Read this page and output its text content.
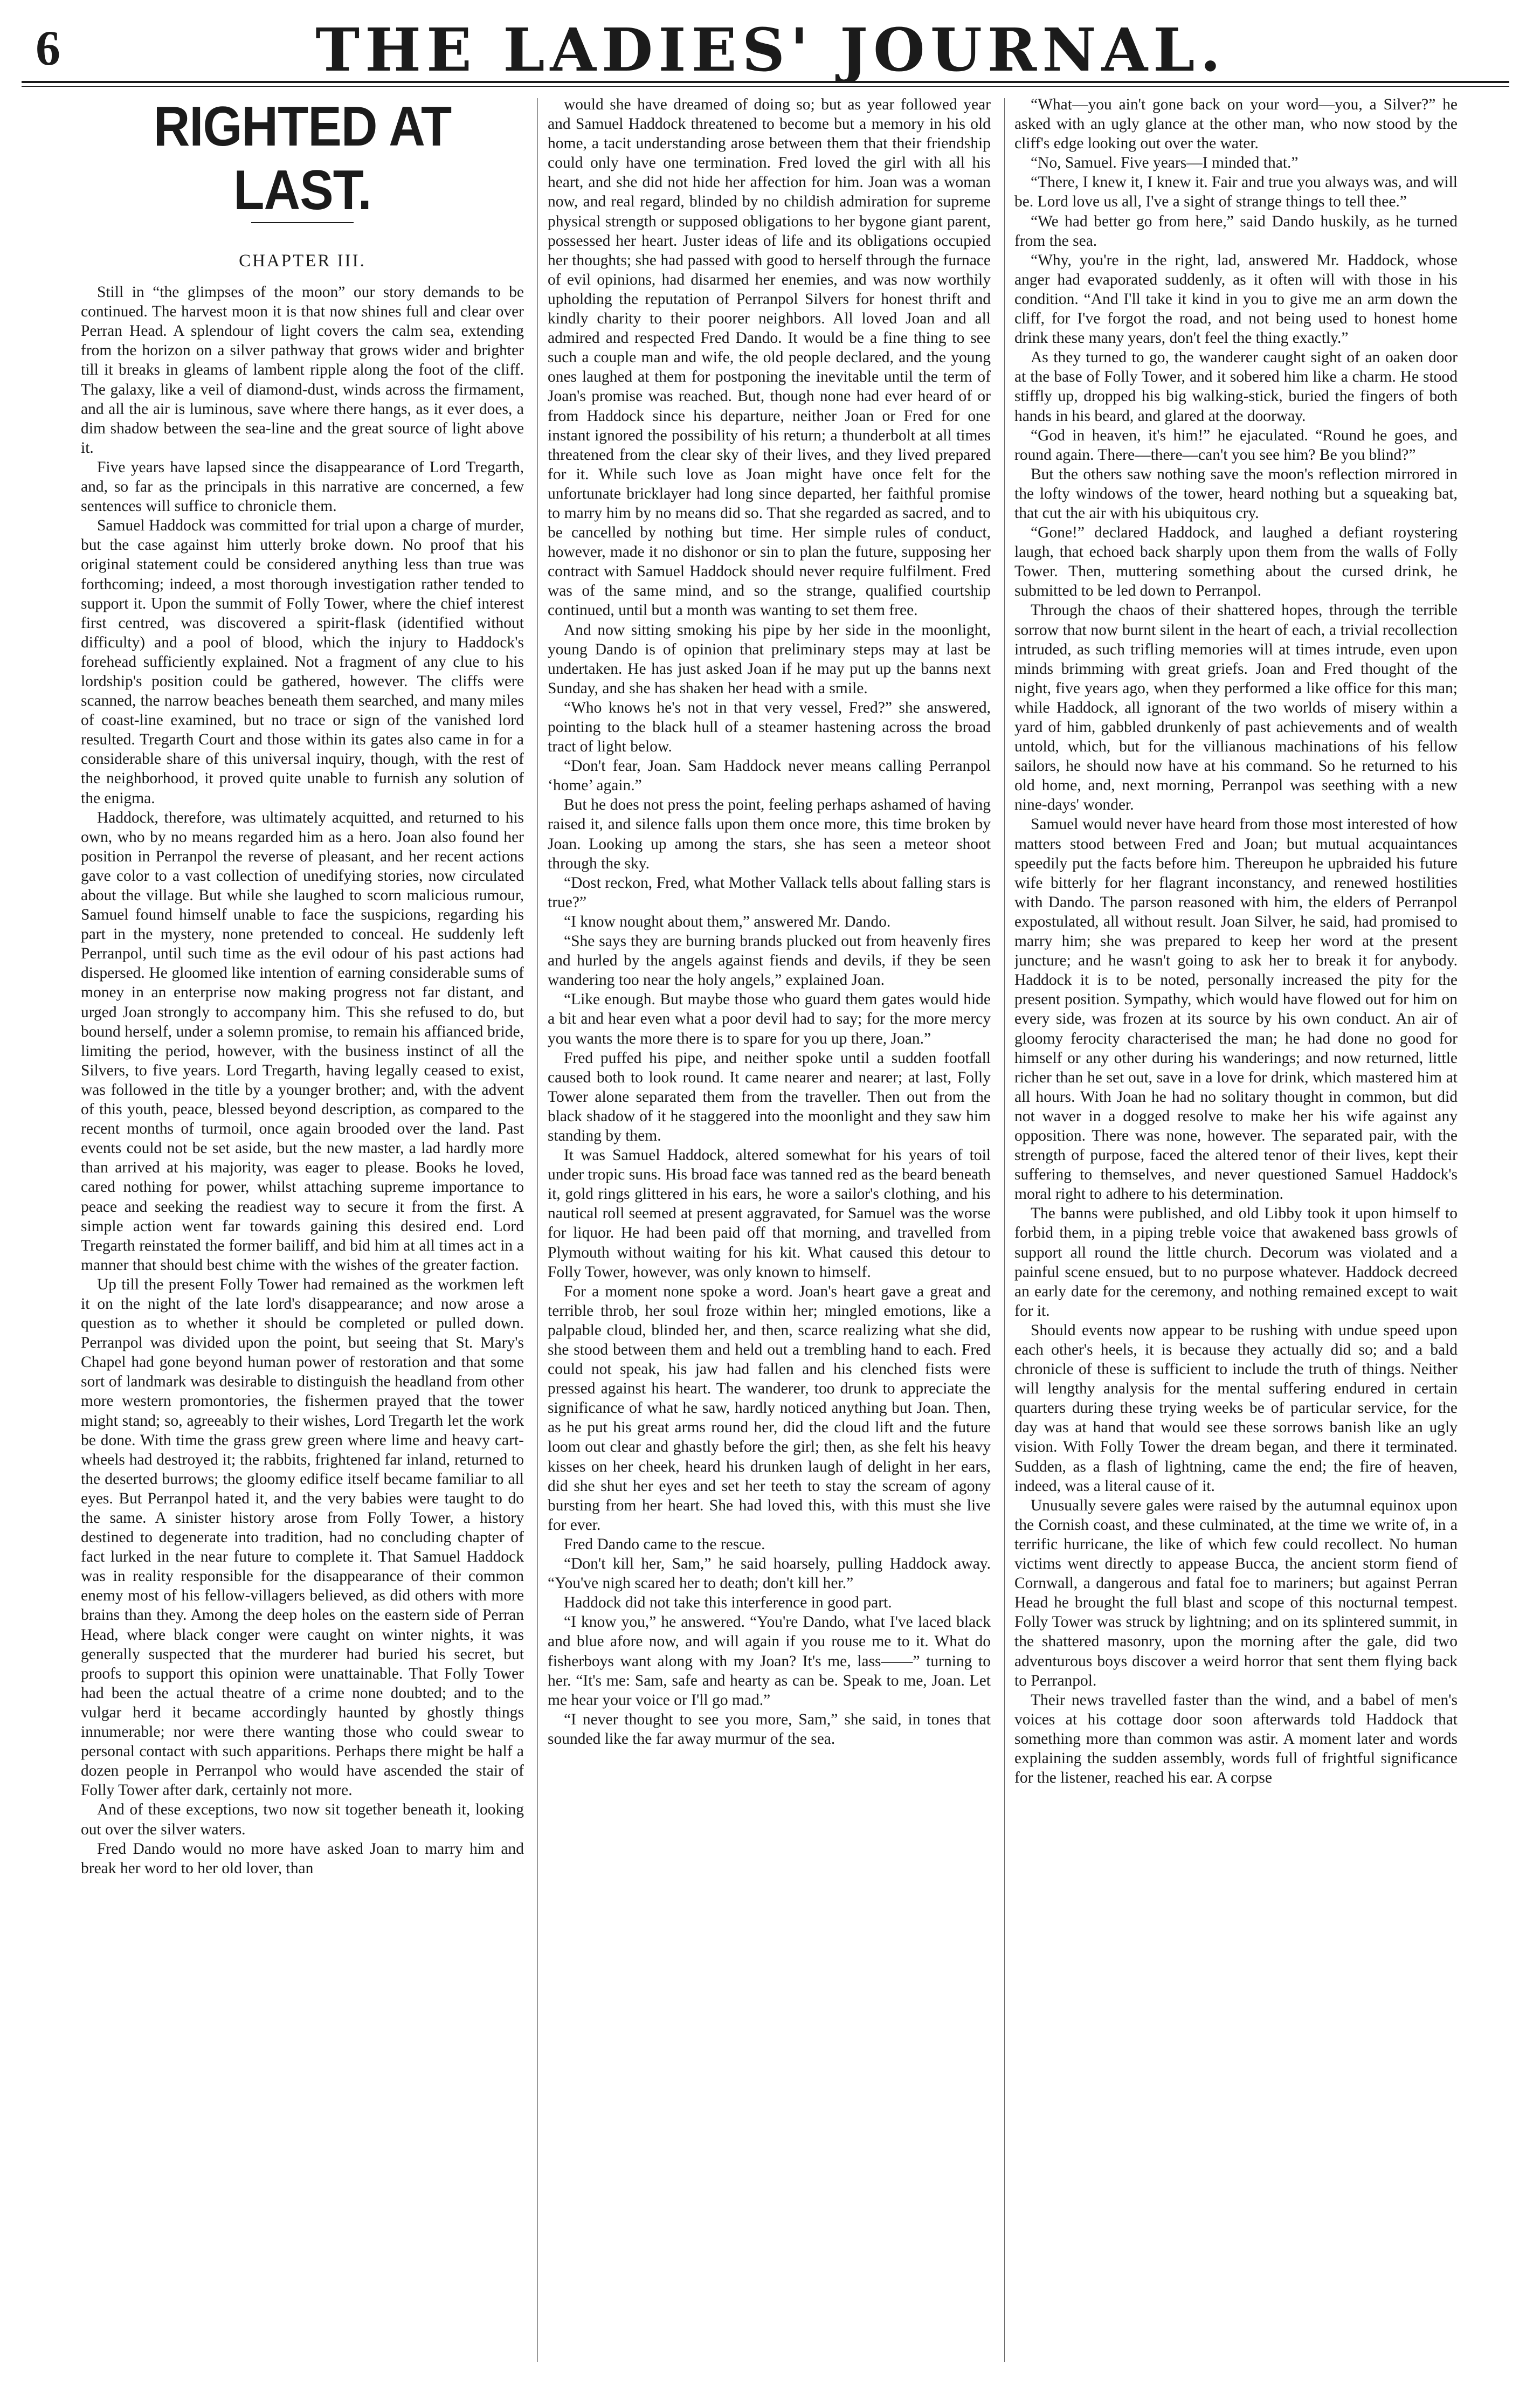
6	THE LADIES' JOURNAL.
RIGHTED AT LAST.
CHAPTER III.

Still in “the glimpses of the moon” our story demands to be continued. The harvest moon it is that now shines full and clear over Perran Head. A splendour of light covers the calm sea, extending from the horizon on a silver pathway that grows wider and brighter till it breaks in gleams of lambent ripple along the foot of the cliff. The galaxy, like a veil of diamond-dust, winds across the firmament, and all the air is luminous, save where there hangs, as it ever does, a dim shadow between the sea-line and the great source of light above it.

Five years have lapsed since the disappearance of Lord Tregarth, and, so far as the principals in this narrative are concerned, a few sentences will suffice to chronicle them.

Samuel Haddock was committed for trial upon a charge of murder, but the case against him utterly broke down. No proof that his original statement could be considered anything less than true was forthcoming; indeed, a most thorough investigation rather tended to support it. Upon the summit of Folly Tower, where the chief interest first centred, was discovered a spirit-flask (identified without difficulty) and a pool of blood, which the injury to Haddock's forehead sufficiently explained. Not a fragment of any clue to his lordship's position could be gathered, however. The cliffs were scanned, the narrow beaches beneath them searched, and many miles of coast-line examined, but no trace or sign of the vanished lord resulted. Tregarth Court and those within its gates also came in for a considerable share of this universal inquiry, though, with the rest of the neighborhood, it proved quite unable to furnish any solution of the enigma.

Haddock, therefore, was ultimately acquitted, and returned to his own, who by no means regarded him as a hero. Joan also found her position in Perranpol the reverse of pleasant, and her recent actions gave color to a vast collection of unedifying stories, now circulated about the village. But while she laughed to scorn malicious rumour, Samuel found himself unable to face the suspicions, regarding his part in the mystery, none pretended to conceal. He suddenly left Perranpol, until such time as the evil odour of his past actions had dispersed. He gloomed like intention of earning considerable sums of money in an enterprise now making progress not far distant, and urged Joan strongly to accompany him. This she refused to do, but bound herself, under a solemn promise, to remain his affianced bride, limiting the period, however, with the business instinct of all the Silvers, to five years. Lord Tregarth, having legally ceased to exist, was followed in the title by a younger brother; and, with the advent of this youth, peace, blessed beyond description, as compared to the recent months of turmoil, once again brooded over the land. Past events could not be set aside, but the new master, a lad hardly more than arrived at his majority, was eager to please. Books he loved, cared nothing for power, whilst attaching supreme importance to peace and seeking the readiest way to secure it from the first. A simple action went far towards gaining this desired end. Lord Tregarth reinstated the former bailiff, and bid him at all times act in a manner that should best chime with the wishes of the greater faction.

Up till the present Folly Tower had remained as the workmen left it on the night of the late lord's disappearance; and now arose a question as to whether it should be completed or pulled down. Perranpol was divided upon the point, but seeing that St. Mary's Chapel had gone beyond human power of restoration and that some sort of landmark was desirable to distinguish the headland from other more western promontories, the fishermen prayed that the tower might stand; so, agreeably to their wishes, Lord Tregarth let the work be done. With time the grass grew green where lime and heavy cart-wheels had destroyed it; the rabbits, frightened far inland, returned to the deserted burrows; the gloomy edifice itself became familiar to all eyes. But Perranpol hated it, and the very babies were taught to do the same. A sinister history arose from Folly Tower, a history destined to degenerate into tradition, had no concluding chapter of fact lurked in the near future to complete it. That Samuel Haddock was in reality responsible for the disappearance of their common enemy most of his fellow-villagers believed, as did others with more brains than they. Among the deep holes on the eastern side of Perran Head, where black conger were caught on winter nights, it was generally suspected that the murderer had buried his secret, but proofs to support this opinion were unattainable. That Folly Tower had been the actual theatre of a crime none doubted; and to the vulgar herd it became accordingly haunted by ghostly things innumerable; nor were there wanting those who could swear to personal contact with such apparitions. Perhaps there might be half a dozen people in Perranpol who would have ascended the stair of Folly Tower after dark, certainly not more.

And of these exceptions, two now sit together beneath it, looking out over the silver waters.

Fred Dando would no more have asked Joan to marry him and break her word to her old lover, than

would she have dreamed of doing so; but as year followed year and Samuel Haddock threatened to become but a memory in his old home, a tacit understanding arose between them that their friendship could only have one termination. Fred loved the girl with all his heart, and she did not hide her affection for him. Joan was a woman now, and real regard, blinded by no childish admiration for supreme physical strength or supposed obligations to her bygone giant parent, possessed her heart. Juster ideas of life and its obligations occupied her thoughts; she had passed with good to herself through the furnace of evil opinions, had disarmed her enemies, and was now worthily upholding the reputation of Perranpol Silvers for honest thrift and kindly charity to their poorer neighbors. All loved Joan and all admired and respected Fred Dando. It would be a fine thing to see such a couple man and wife, the old people declared, and the young ones laughed at them for postponing the inevitable until the term of Joan's promise was reached. But, though none had ever heard of or from Haddock since his departure, neither Joan or Fred for one instant ignored the possibility of his return; a thunderbolt at all times threatened from the clear sky of their lives, and they lived prepared for it. While such love as Joan might have once felt for the unfortunate bricklayer had long since departed, her faithful promise to marry him by no means did so. That she regarded as sacred, and to be cancelled by nothing but time. Her simple rules of conduct, however, made it no dishonor or sin to plan the future, supposing her contract with Samuel Haddock should never require fulfilment. Fred was of the same mind, and so the strange, qualified courtship continued, until but a month was wanting to set them free.

And now sitting smoking his pipe by her side in the moonlight, young Dando is of opinion that preliminary steps may at last be undertaken. He has just asked Joan if he may put up the banns next Sunday, and she has shaken her head with a smile.

“Who knows he's not in that very vessel, Fred?” she answered, pointing to the black hull of a steamer hastening across the broad tract of light below.

“Don't fear, Joan. Sam Haddock never means calling Perranpol ‘home’ again.”

But he does not press the point, feeling perhaps ashamed of having raised it, and silence falls upon them once more, this time broken by Joan. Looking up among the stars, she has seen a meteor shoot through the sky.

“Dost reckon, Fred, what Mother Vallack tells about falling stars is true?”

“I know nought about them,” answered Mr. Dando.

“She says they are burning brands plucked out from heavenly fires and hurled by the angels against fiends and devils, if they be seen wandering too near the holy angels,” explained Joan.

“Like enough. But maybe those who guard them gates would hide a bit and hear even what a poor devil had to say; for the more mercy you wants the more there is to spare for you up there, Joan.”

Fred puffed his pipe, and neither spoke until a sudden footfall caused both to look round. It came nearer and nearer; at last, Folly Tower alone separated them from the traveller. Then out from the black shadow of it he staggered into the moonlight and they saw him standing by them.

It was Samuel Haddock, altered somewhat for his years of toil under tropic suns. His broad face was tanned red as the beard beneath it, gold rings glittered in his ears, he wore a sailor's clothing, and his nautical roll seemed at present aggravated, for Samuel was the worse for liquor. He had been paid off that morning, and travelled from Plymouth without waiting for his kit. What caused this detour to Folly Tower, however, was only known to himself.

For a moment none spoke a word. Joan's heart gave a great and terrible throb, her soul froze within her; mingled emotions, like a palpable cloud, blinded her, and then, scarce realizing what she did, she stood between them and held out a trembling hand to each. Fred could not speak, his jaw had fallen and his clenched fists were pressed against his heart. The wanderer, too drunk to appreciate the significance of what he saw, hardly noticed anything but Joan. Then, as he put his great arms round her, did the cloud lift and the future loom out clear and ghastly before the girl; then, as she felt his heavy kisses on her cheek, heard his drunken laugh of delight in her ears, did she shut her eyes and set her teeth to stay the scream of agony bursting from her heart. She had loved this, with this must she live for ever.

Fred Dando came to the rescue.

“Don't kill her, Sam,” he said hoarsely, pulling Haddock away. “You've nigh scared her to death; don't kill her.”

Haddock did not take this interference in good part.

“I know you,” he answered. “You're Dando, what I've laced black and blue afore now, and will again if you rouse me to it. What do fisherboys want along with my Joan? It's me, lass——” turning to her. “It's me: Sam, safe and hearty as can be. Speak to me, Joan. Let me hear your voice or I'll go mad.”

“I never thought to see you more, Sam,” she said, in tones that sounded like the far away murmur of the sea.

“What—you ain't gone back on your word—you, a Silver?” he asked with an ugly glance at the other man, who now stood by the cliff's edge looking out over the water.

“No, Samuel. Five years—I minded that.”

“There, I knew it, I knew it. Fair and true you always was, and will be. Lord love us all, I've a sight of strange things to tell thee.”

“We had better go from here,” said Dando huskily, as he turned from the sea.

“Why, you're in the right, lad, answered Mr. Haddock, whose anger had evaporated suddenly, as it often will with those in his condition. “And I'll take it kind in you to give me an arm down the cliff, for I've forgot the road, and not being used to honest home drink these many years, don't feel the thing exactly.”

As they turned to go, the wanderer caught sight of an oaken door at the base of Folly Tower, and it sobered him like a charm. He stood stiffly up, dropped his big walking-stick, buried the fingers of both hands in his beard, and glared at the doorway.

“God in heaven, it's him!” he ejaculated. “Round he goes, and round again. There—there—can't you see him? Be you blind?”

But the others saw nothing save the moon's reflection mirrored in the lofty windows of the tower, heard nothing but a squeaking bat, that cut the air with his ubiquitous cry.

“Gone!” declared Haddock, and laughed a defiant roystering laugh, that echoed back sharply upon them from the walls of Folly Tower. Then, muttering something about the cursed drink, he submitted to be led down to Perranpol.

Through the chaos of their shattered hopes, through the terrible sorrow that now burnt silent in the heart of each, a trivial recollection intruded, as such trifling memories will at times intrude, even upon minds brimming with great griefs. Joan and Fred thought of the night, five years ago, when they performed a like office for this man; while Haddock, all ignorant of the two worlds of misery within a yard of him, gabbled drunkenly of past achievements and of wealth untold, which, but for the villianous machinations of his fellow sailors, he should now have at his command. So he returned to his old home, and, next morning, Perranpol was seething with a new nine-days' wonder.

Samuel would never have heard from those most interested of how matters stood between Fred and Joan; but mutual acquaintances speedily put the facts before him. Thereupon he upbraided his future wife bitterly for her flagrant inconstancy, and renewed hostilities with Dando. The parson reasoned with him, the elders of Perranpol expostulated, all without result. Joan Silver, he said, had promised to marry him; she was prepared to keep her word at the present juncture; and he wasn't going to ask her to break it for anybody. Haddock it is to be noted, personally increased the pity for the present position. Sympathy, which would have flowed out for him on every side, was frozen at its source by his own conduct. An air of gloomy ferocity characterised the man; he had done no good for himself or any other during his wanderings; and now returned, little richer than he set out, save in a love for drink, which mastered him at all hours. With Joan he had no solitary thought in common, but did not waver in a dogged resolve to make her his wife against any opposition. There was none, however. The separated pair, with the strength of purpose, faced the altered tenor of their lives, kept their suffering to themselves, and never questioned Samuel Haddock's moral right to adhere to his determination.

The banns were published, and old Libby took it upon himself to forbid them, in a piping treble voice that awakened bass growls of support all round the little church. Decorum was violated and a painful scene ensued, but to no purpose whatever. Haddock decreed an early date for the ceremony, and nothing remained except to wait for it.

Should events now appear to be rushing with undue speed upon each other's heels, it is because they actually did so; and a bald chronicle of these is sufficient to include the truth of things. Neither will lengthy analysis for the mental suffering endured in certain quarters during these trying weeks be of particular service, for the day was at hand that would see these sorrows banish like an ugly vision. With Folly Tower the dream began, and there it terminated. Sudden, as a flash of lightning, came the end; the fire of heaven, indeed, was a literal cause of it.

Unusually severe gales were raised by the autumnal equinox upon the Cornish coast, and these culminated, at the time we write of, in a terrific hurricane, the like of which few could recollect. No human victims went directly to appease Bucca, the ancient storm fiend of Cornwall, a dangerous and fatal foe to mariners; but against Perran Head he brought the full blast and scope of this nocturnal tempest. Folly Tower was struck by lightning; and on its splintered summit, in the shattered masonry, upon the morning after the gale, did two adventurous boys discover a weird horror that sent them flying back to Perranpol.

Their news travelled faster than the wind, and a babel of men's voices at his cottage door soon afterwards told Haddock that something more than common was astir. A moment later and words explaining the sudden assembly, words full of frightful significance for the listener, reached his ear. A corpse
